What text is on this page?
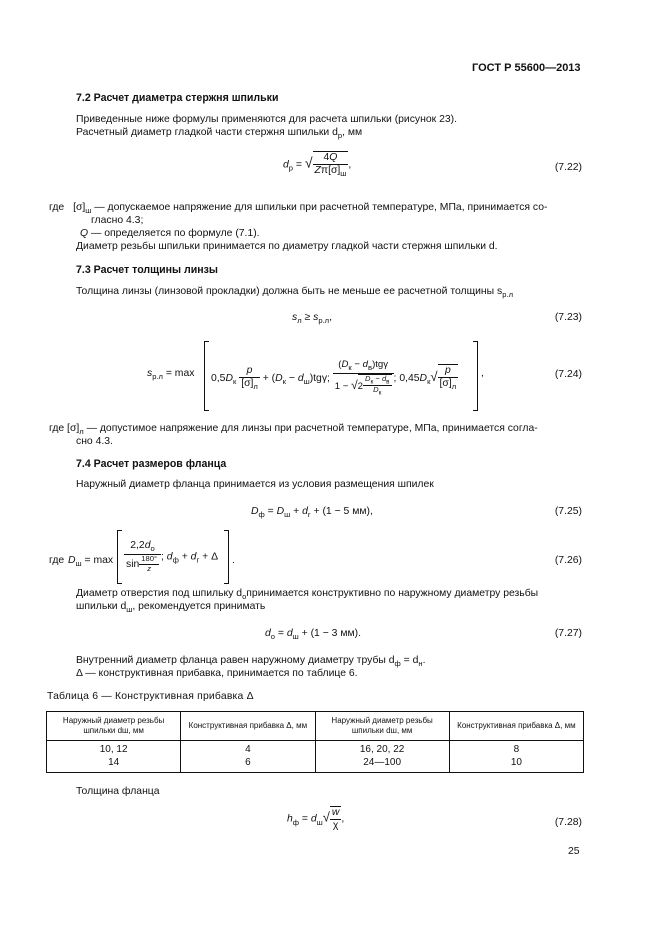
ГОСТ Р 55600—2013
7.2 Расчет диаметра стержня шпильки
Приведенные ниже формулы применяются для расчета шпильки (рисунок 23).
Расчетный диаметр гладкой части стержня шпильки $d_p$, мм
$d_p$ = √ $\frac{4Q}{Z\pi[\sigma]_ш}$ ,	(7.22)
где $[\sigma]_ш$ — допускаемое напряжение для шпильки при расчетной температуре, МПа, принимается со-
гласно 4.3;
Q — определяется по формуле (7.1).
Диаметр резьбы шпильки принимается по диаметру гладкой части стержня шпильки d.
7.3 Расчет толщины линзы
Толщина линзы (линзовой прокладки) должна быть не меньше ее расчетной толщины $s_{р.л}$
$s_л \ge s_{р.л}$,	(7.23)
$s_{р.л} = \max 0,5D_к \frac{p}{[\sigma]_л} + (D_к - d_ш)tg\gamma$; $\frac{(D_к - d_в)tg\gamma}{1 - √2 \frac{D_к - d_в}{D_к}}$ ; $0,45D_к√ \frac{p}{[\sigma]_л}$ ,	(7.24)
где $[\sigma]_л$ — допустимое напряжение для линзы при расчетной температуре, МПа, принимается согла-
сно 4.3.
7.4 Расчет размеров фланца
Наружный диаметр фланца принимается из условия размещения шпилек
$D_ф = D_ш + d_г + (1 - 5$ мм),	(7.25)
где $D_ш = \max \frac{2,2d_о}{\sin \frac{180^\circ}{z}}$ ; $d_ф + d_г + \Delta$ .	(7.26)
Диаметр отверстия под шпильку $d_опринимается$ конструктивно по наружному диаметру резьбы
шпильки $d_ш$, рекомендуется принимать
$d_о = d_ш + (1 - 3$ мм).	(7.27)
Внутренний диаметр фланца равен наружному диаметру трубы $d_ф = d_н$.
Δ — конструктивная прибавка, принимается по таблице 6.
Таблица 6 — Конструктивная прибавка Δ
Наружный диаметр резьбы шпильки dш, мм	Конструктивная прибавка Δ, мм	Наружный диаметр резьбы шпильки dш, мм	Конструктивная прибавка Δ, мм
10, 12	4	16, 20, 22	8
14	6	24—100	10
Толщина фланца
$h_ф = d_ш√ \frac{w}{\chi}$ ,	(7.28)
25
